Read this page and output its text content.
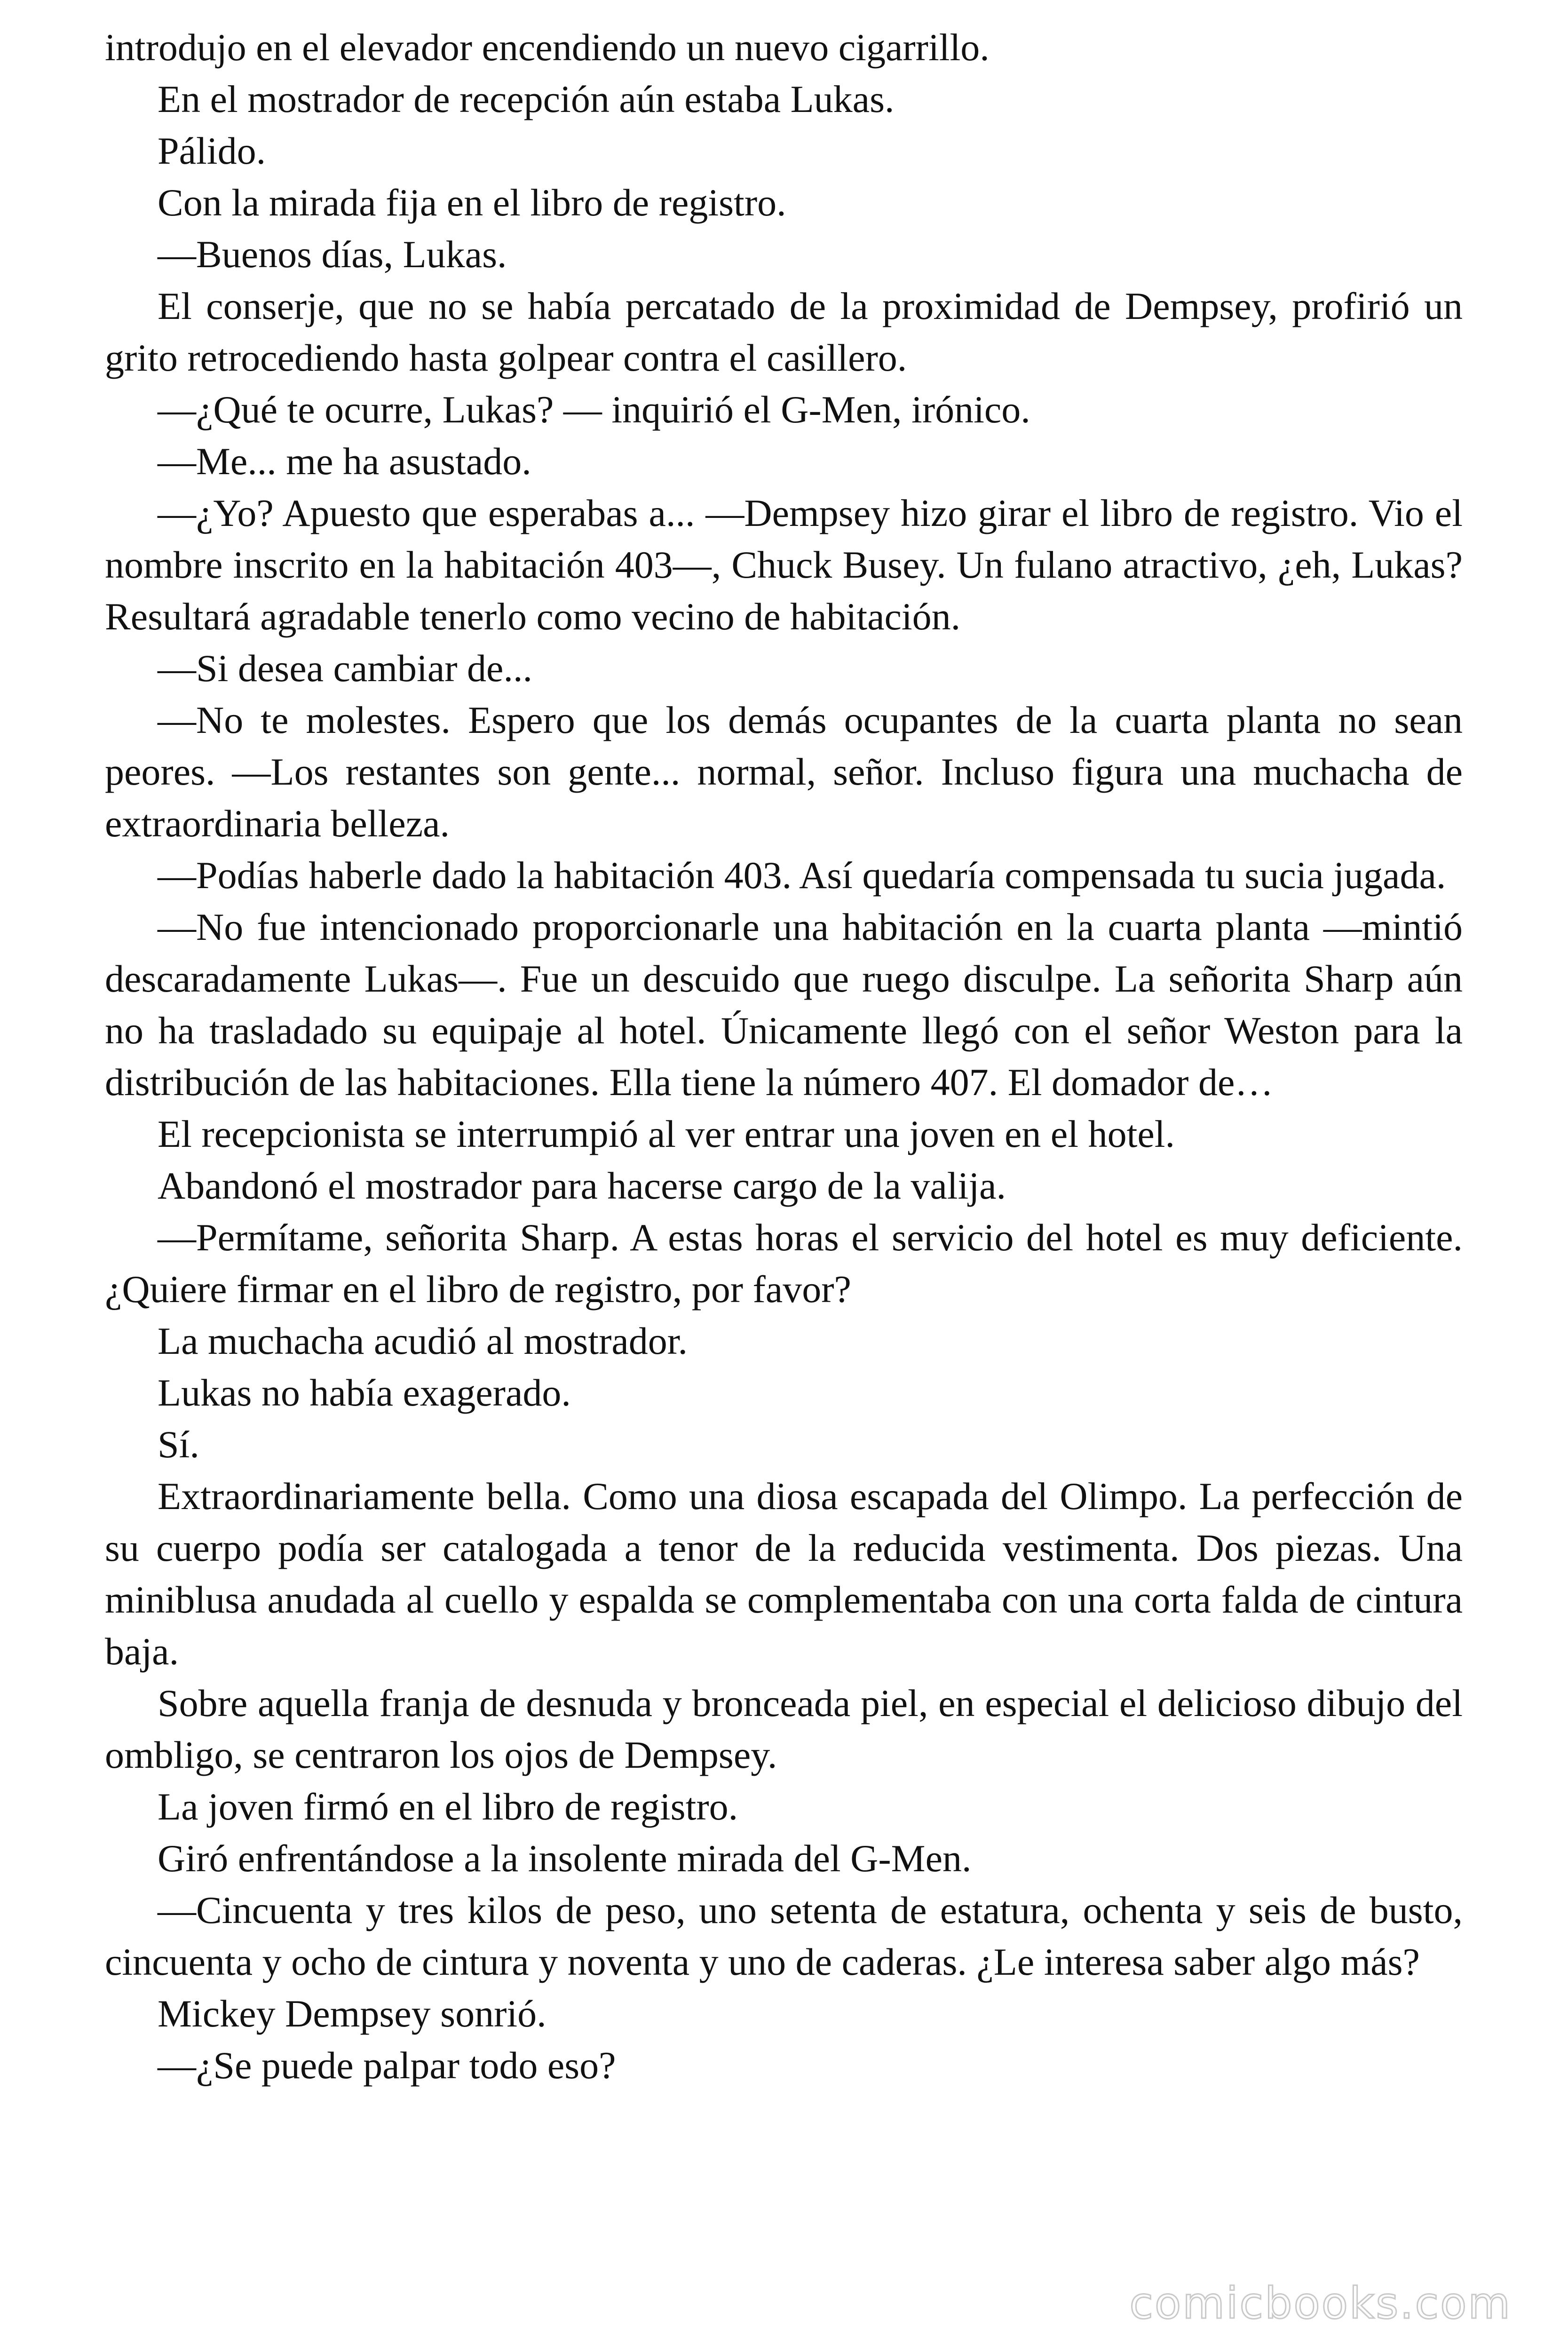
introdujo en el elevador encendiendo un nuevo cigarrillo.

En el mostrador de recepción aún estaba Lukas.

Pálido.

Con la mirada fija en el libro de registro.

—Buenos días, Lukas.

El conserje, que no se había percatado de la proximidad de Dempsey, profirió un grito retrocediendo hasta golpear contra el casillero.

—¿Qué te ocurre, Lukas? — inquirió el G-Men, irónico.

—Me... me ha asustado.

—¿Yo? Apuesto que esperabas a... —Dempsey hizo girar el libro de registro. Vio el nombre inscrito en la habitación 403—, Chuck Busey. Un fulano atractivo, ¿eh, Lukas? Resultará agradable tenerlo como vecino de habitación.

—Si desea cambiar de...

—No te molestes. Espero que los demás ocupantes de la cuarta planta no sean peores. —Los restantes son gente... normal, señor. Incluso figura una muchacha de extraordinaria belleza.

—Podías haberle dado la habitación 403. Así quedaría compensada tu sucia jugada.

—No fue intencionado proporcionarle una habitación en la cuarta planta —mintió descaradamente Lukas—. Fue un descuido que ruego disculpe. La señorita Sharp aún no ha trasladado su equipaje al hotel. Únicamente llegó con el señor Weston para la distribución de las habitaciones. Ella tiene la número 407. El domador de…

El recepcionista se interrumpió al ver entrar una joven en el hotel.

Abandonó el mostrador para hacerse cargo de la valija.

—Permítame, señorita Sharp. A estas horas el servicio del hotel es muy deficiente. ¿Quiere firmar en el libro de registro, por favor?

La muchacha acudió al mostrador.

Lukas no había exagerado.

Sí.

Extraordinariamente bella. Como una diosa escapada del Olimpo. La perfección de su cuerpo podía ser catalogada a tenor de la reducida vestimenta. Dos piezas. Una miniblusa anudada al cuello y espalda se complementaba con una corta falda de cintura baja.

Sobre aquella franja de desnuda y bronceada piel, en especial el delicioso dibujo del ombligo, se centraron los ojos de Dempsey.

La joven firmó en el libro de registro.

Giró enfrentándose a la insolente mirada del G-Men.

—Cincuenta y tres kilos de peso, uno setenta de estatura, ochenta y seis de busto, cincuenta y ocho de cintura y noventa y uno de caderas. ¿Le interesa saber algo más?

Mickey Dempsey sonrió.

—¿Se puede palpar todo eso?

comicbooks.com
